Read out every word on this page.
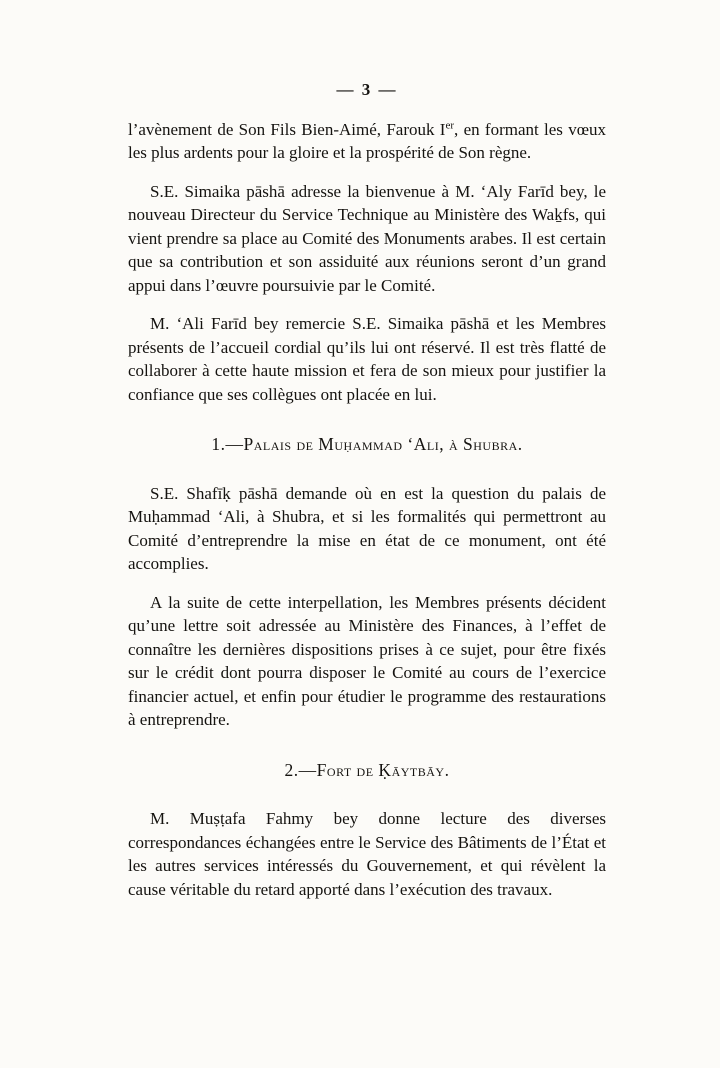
— 3 —

l’avènement de Son Fils Bien-Aimé, Farouk Ier, en formant les vœux les plus ardents pour la gloire et la prospérité de Son règne.

S.E. Simaika pāshā adresse la bienvenue à M. ‘Aly Farīd bey, le nouveau Directeur du Service Technique au Ministère des Waḵfs, qui vient prendre sa place au Comité des Monuments arabes. Il est certain que sa contribution et son assiduité aux réunions seront d’un grand appui dans l’œuvre poursuivie par le Comité.

M. ‘Ali Farīd bey remercie S.E. Simaika pāshā et les Membres présents de l’accueil cordial qu’ils lui ont réservé. Il est très flatté de collaborer à cette haute mission et fera de son mieux pour justifier la confiance que ses collègues ont placée en lui.

1.—Palais de Muḥammad ‘Ali, à Shubra.

S.E. Shafīḳ pāshā demande où en est la question du palais de Muḥammad ‘Ali, à Shubra, et si les formalités qui permettront au Comité d’entreprendre la mise en état de ce monument, ont été accomplies.

A la suite de cette interpellation, les Membres présents décident qu’une lettre soit adressée au Ministère des Finances, à l’effet de connaître les dernières dispositions prises à ce sujet, pour être fixés sur le crédit dont pourra disposer le Comité au cours de l’exercice financier actuel, et enfin pour étudier le programme des restaurations à entreprendre.

2.—Fort de Ḳāytbāy.

M. Muṣṭafa Fahmy bey donne lecture des diverses correspondances échangées entre le Service des Bâtiments de l’État et les autres services intéressés du Gouvernement, et qui révèlent la cause véritable du retard apporté dans l’exécution des travaux.
